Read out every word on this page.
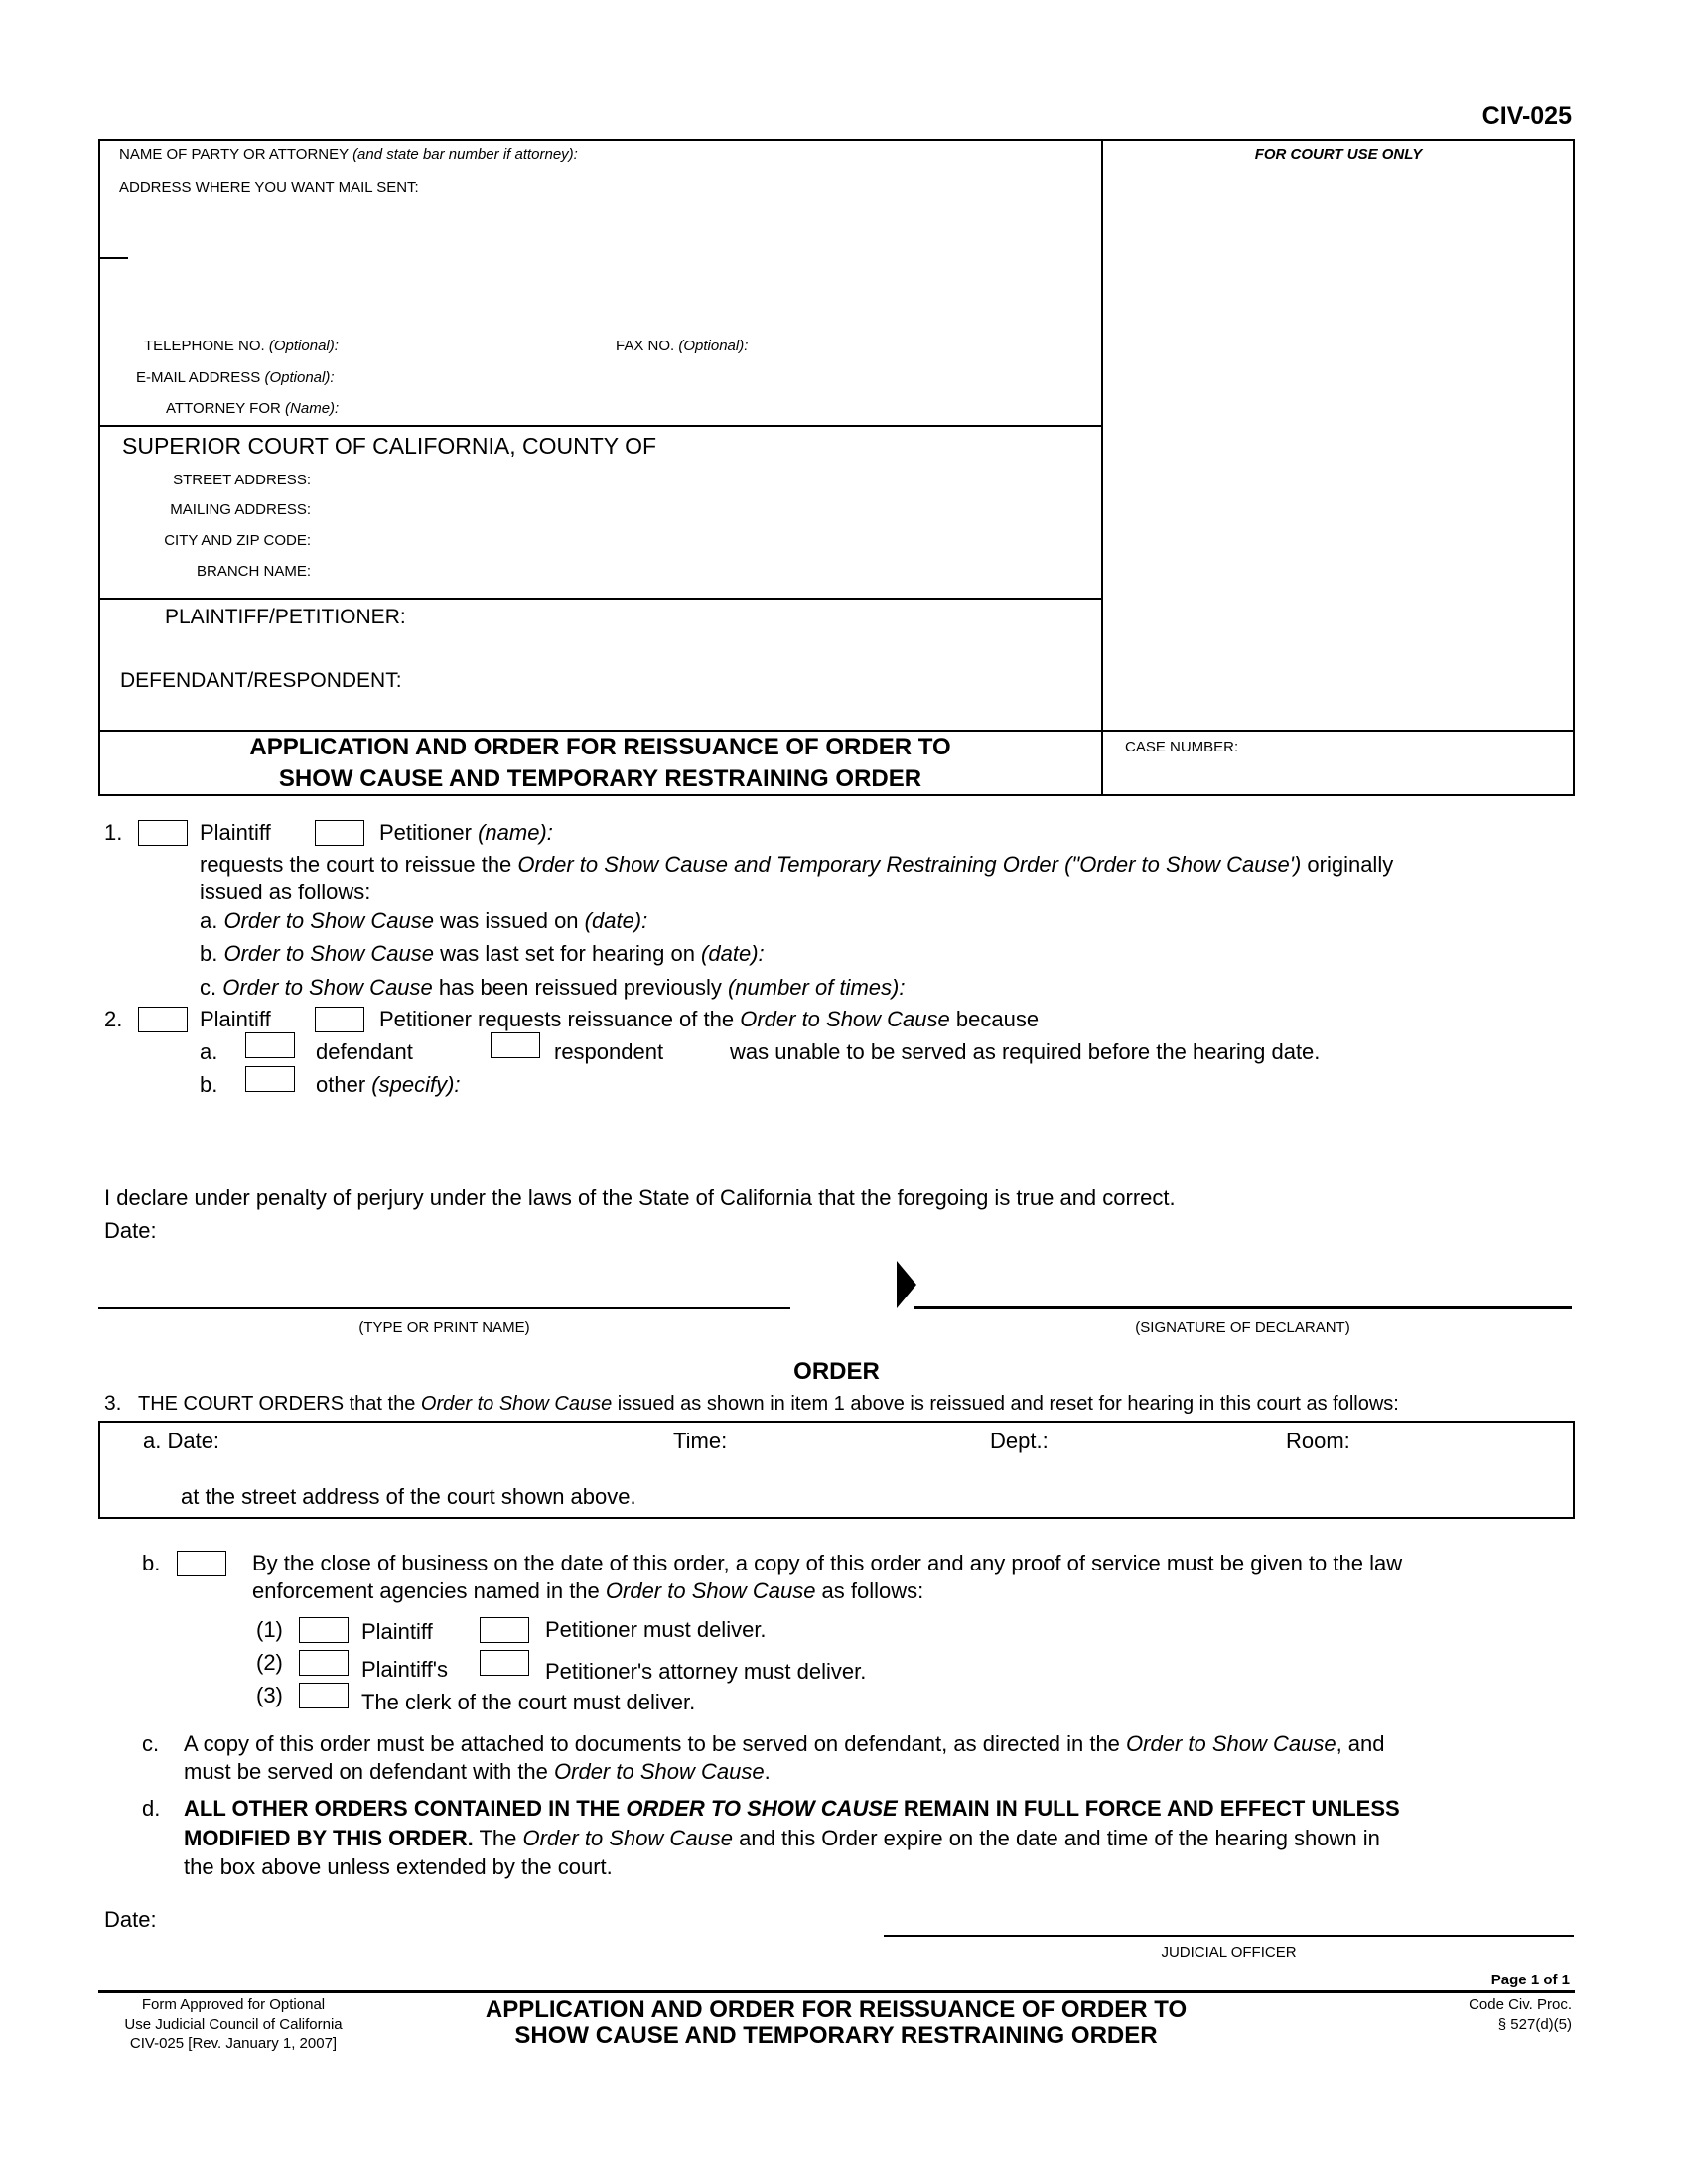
CIV-025
NAME OF PARTY OR ATTORNEY (and state bar number if attorney):
ADDRESS WHERE YOU WANT MAIL SENT:
TELEPHONE NO. (Optional):	FAX NO. (Optional):
E-MAIL ADDRESS (Optional):
ATTORNEY FOR (Name):
FOR COURT USE ONLY
SUPERIOR COURT OF CALIFORNIA, COUNTY OF
STREET ADDRESS:
MAILING ADDRESS:
CITY AND ZIP CODE:
BRANCH NAME:
PLAINTIFF/PETITIONER:
DEFENDANT/RESPONDENT:
APPLICATION AND ORDER FOR REISSUANCE OF ORDER TO
SHOW CAUSE AND TEMPORARY RESTRAINING ORDER
CASE NUMBER:
1.	Plaintiff	Petitioner (name):
requests the court to reissue the Order to Show Cause and Temporary Restraining Order ("Order to Show Cause') originally
issued as follows:
a. Order to Show Cause was issued on (date):
b. Order to Show Cause was last set for hearing on (date):
c. Order to Show Cause has been reissued previously (number of times):
2.	Plaintiff	Petitioner requests reissuance of the Order to Show Cause because
a.	defendant	respondent	was unable to be served as required before the hearing date.
b.	other (specify):
I declare under penalty of perjury under the laws of the State of California that the foregoing is true and correct.
Date:
(TYPE OR PRINT NAME)	(SIGNATURE OF DECLARANT)
ORDER
3. THE COURT ORDERS that the Order to Show Cause issued as shown in item 1 above is reissued and reset for hearing in this court as follows:
a. Date:	Time:	Dept.:	Room:
at the street address of the court shown above.
b.	By the close of business on the date of this order, a copy of this order and any proof of service must be given to the law
enforcement agencies named in the Order to Show Cause as follows:
(1)	Plaintiff	Petitioner must deliver.
(2)	Plaintiff's	Petitioner's attorney must deliver.
(3)	The clerk of the court must deliver.
c. A copy of this order must be attached to documents to be served on defendant, as directed in the Order to Show Cause, and
must be served on defendant with the Order to Show Cause.
d. ALL OTHER ORDERS CONTAINED IN THE ORDER TO SHOW CAUSE REMAIN IN FULL FORCE AND EFFECT UNLESS
MODIFIED BY THIS ORDER. The Order to Show Cause and this Order expire on the date and time of the hearing shown in
the box above unless extended by the court.
Date:
JUDICIAL OFFICER
Page 1 of 1
Form Approved for Optional
Use Judicial Council of California
CIV-025 [Rev. January 1, 2007]
APPLICATION AND ORDER FOR REISSUANCE OF ORDER TO
SHOW CAUSE AND TEMPORARY RESTRAINING ORDER
Code Civ. Proc.
§ 527(d)(5)
